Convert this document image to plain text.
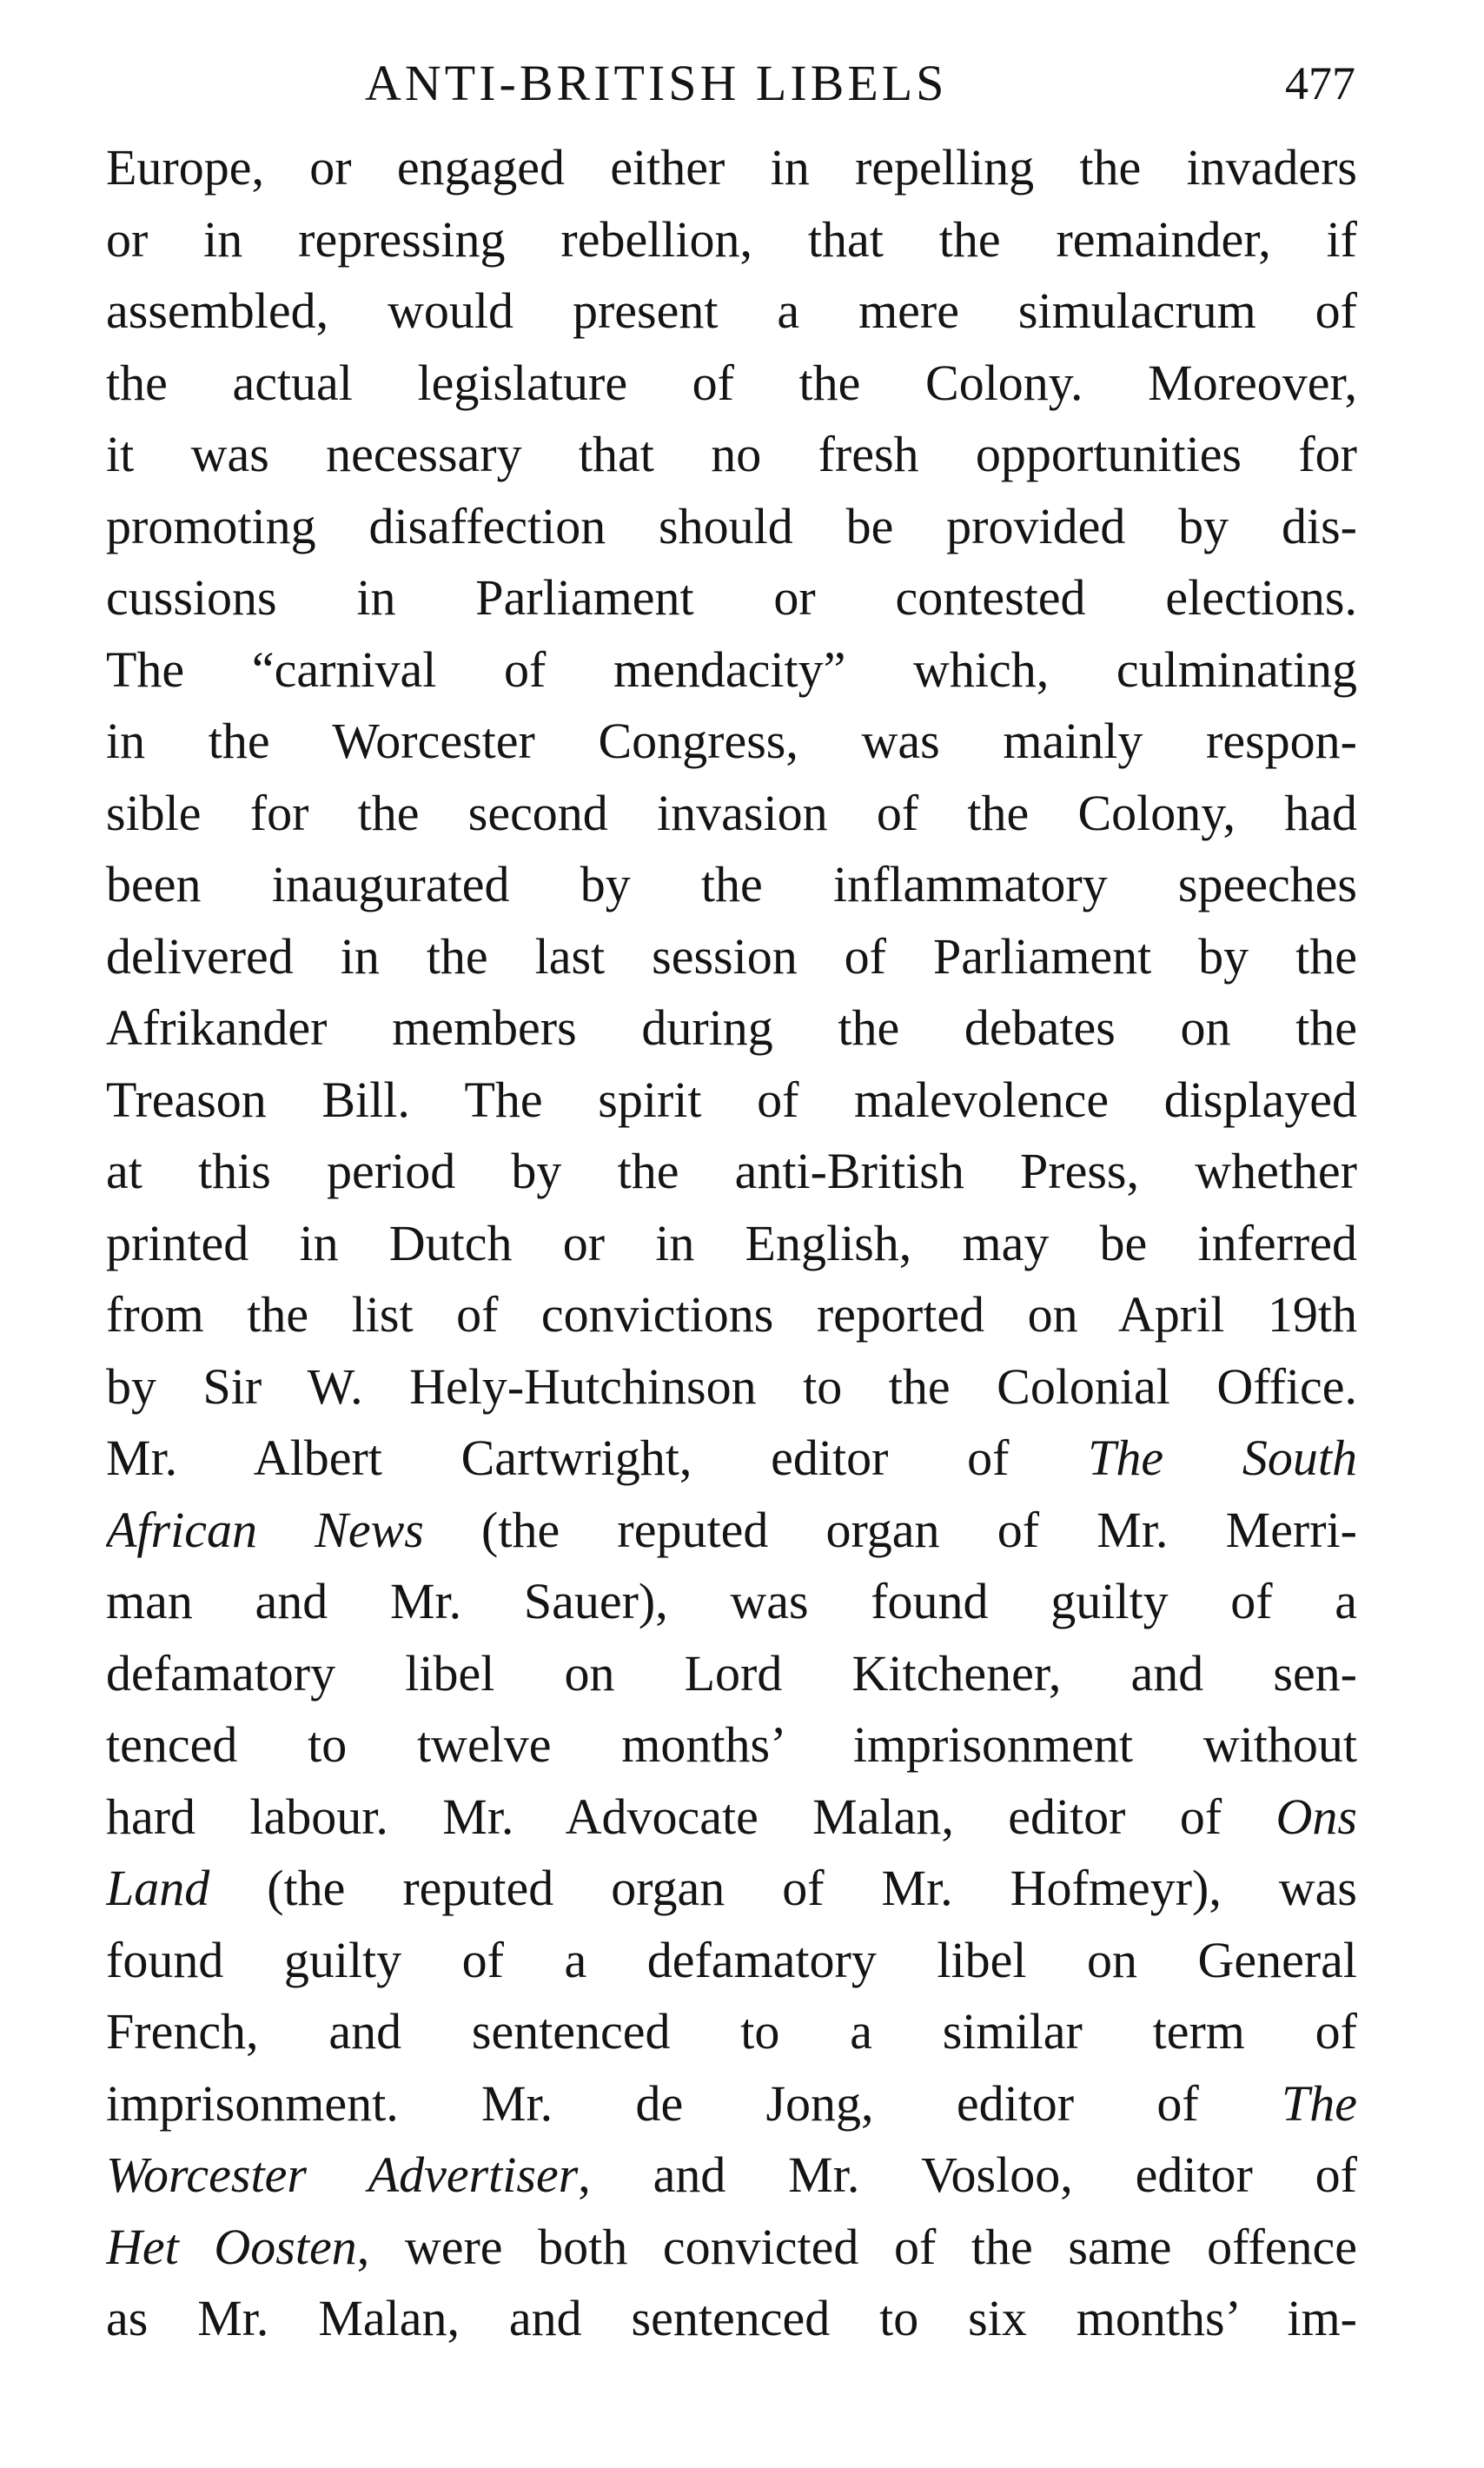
ANTI-BRITISH LIBELS	477
Europe, or engaged either in repelling the invaders
or in repressing rebellion, that the remainder, if
assembled, would present a mere simulacrum of
the actual legislature of the Colony. Moreover,
it was necessary that no fresh opportunities for
promoting disaffection should be provided by dis-
cussions in Parliament or contested elections.
The “carnival of mendacity” which, culminating
in the Worcester Congress, was mainly respon-
sible for the second invasion of the Colony, had
been inaugurated by the inflammatory speeches
delivered in the last session of Parliament by the
Afrikander members during the debates on the
Treason Bill. The spirit of malevolence displayed
at this period by the anti-British Press, whether
printed in Dutch or in English, may be inferred
from the list of convictions reported on April 19th
by Sir W. Hely-Hutchinson to the Colonial Office.
Mr. Albert Cartwright, editor of The South
African News (the reputed organ of Mr. Merri-
man and Mr. Sauer), was found guilty of a
defamatory libel on Lord Kitchener, and sen-
tenced to twelve months’ imprisonment without
hard labour. Mr. Advocate Malan, editor of Ons
Land (the reputed organ of Mr. Hofmeyr), was
found guilty of a defamatory libel on General
French, and sentenced to a similar term of
imprisonment. Mr. de Jong, editor of The
Worcester Advertiser, and Mr. Vosloo, editor of
Het Oosten, were both convicted of the same offence
as Mr. Malan, and sentenced to six months’ im-
